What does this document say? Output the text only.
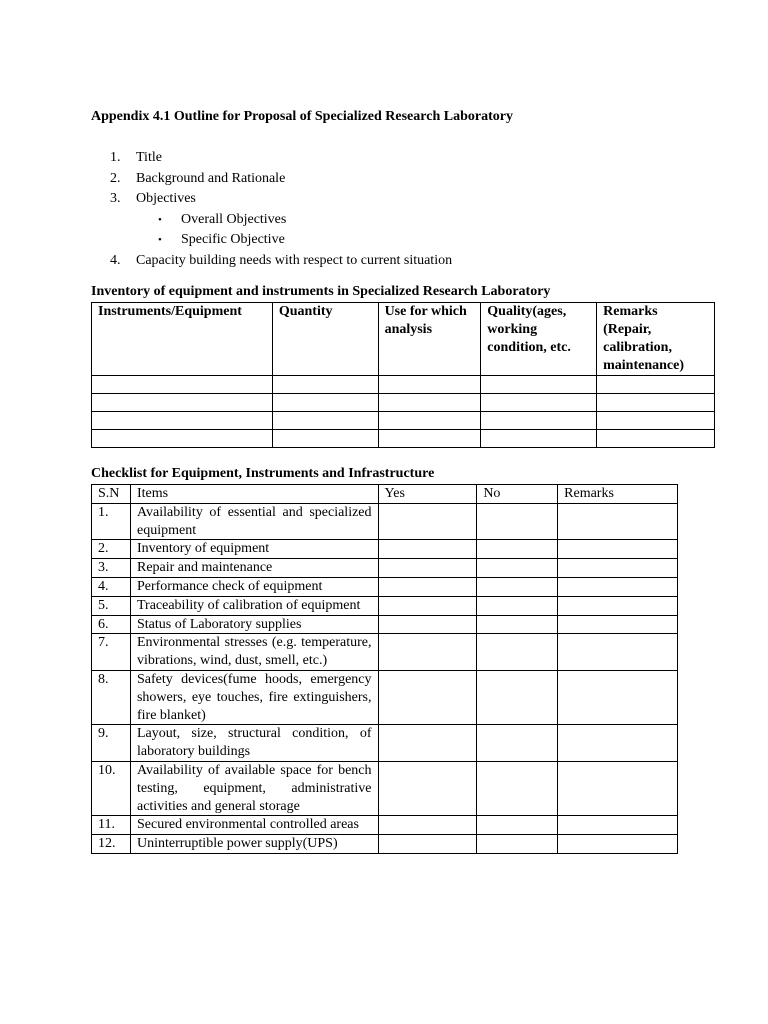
Appendix 4.1 Outline for Proposal of Specialized Research Laboratory
1. Title
2. Background and Rationale
3. Objectives
• Overall Objectives
• Specific Objective
4. Capacity building needs with respect to current situation
Inventory of equipment and instruments in Specialized Research Laboratory
Instruments/Equipment	Quantity	Use for which analysis	Quality(ages, working condition, etc.	Remarks (Repair, calibration, maintenance)

Checklist for Equipment, Instruments and Infrastructure
S.N	Items	Yes	No	Remarks
1.	Availability of essential and specialized equipment			
2.	Inventory of equipment			
3.	Repair and maintenance			
4.	Performance check of equipment			
5.	Traceability of calibration of equipment			
6.	Status of Laboratory supplies			
7.	Environmental stresses (e.g. temperature, vibrations, wind, dust, smell, etc.)			
8.	Safety devices(fume hoods, emergency showers, eye touches, fire extinguishers, fire blanket)			
9.	Layout, size, structural condition, of laboratory buildings			
10.	Availability of available space for bench testing, equipment, administrative activities and general storage			
11.	Secured environmental controlled areas			
12.	Uninterruptible power supply(UPS)			
